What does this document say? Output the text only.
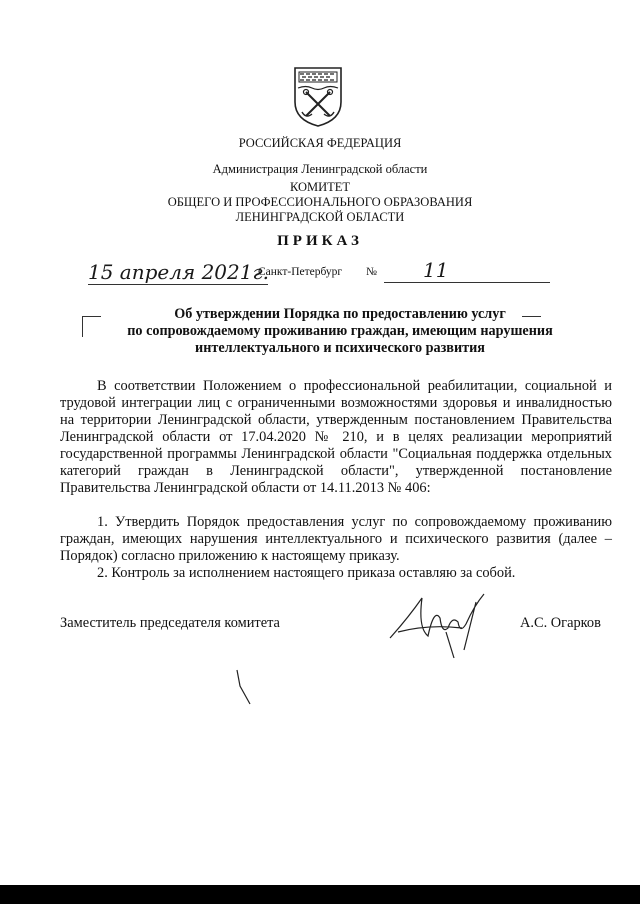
РОССИЙСКАЯ ФЕДЕРАЦИЯ
Администрация Ленинградской области
КОМИТЕТ
ОБЩЕГО И ПРОФЕССИОНАЛЬНОГО ОБРАЗОВАНИЯ
ЛЕНИНГРАДСКОЙ ОБЛАСТИ
ПРИКАЗ
15 апреля 2021г.
Санкт-Петербург № 11
Об утверждении Порядка по предоставлению услуг
по сопровождаемому проживанию граждан, имеющим нарушения
интеллектуального и психического развития
В соответствии Положением о профессиональной реабилитации, социальной и трудовой интеграции лиц с ограниченными возможностями здоровья и инвалидностью на территории Ленинградской области, утвержденным постановлением Правительства Ленинградской области от 17.04.2020 № 210, и в целях реализации мероприятий государственной программы Ленинградской области "Социальная поддержка отдельных категорий граждан в Ленинградской области", утвержденной постановление Правительства Ленинградской области от 14.11.2013 № 406:
1. Утвердить Порядок предоставления услуг по сопровождаемому проживанию граждан, имеющих нарушения интеллектуального и психического развития (далее – Порядок) согласно приложению к настоящему приказу.
2. Контроль за исполнением настоящего приказа оставляю за собой.
Заместитель председателя комитета	А.С. Огарков
